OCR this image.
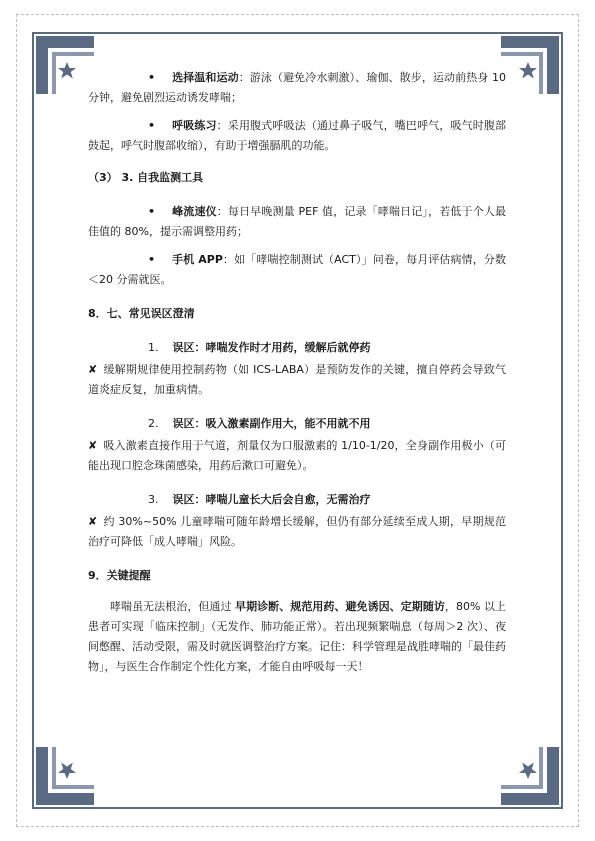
• 选择温和运动：游泳（避免冷水刺激）、瑜伽、散步，运动前热身 10 分钟，避免剧烈运动诱发哮喘；

• 呼吸练习：采用腹式呼吸法（通过鼻子吸气，嘴巴呼气，吸气时腹部鼓起，呼气时腹部收缩），有助于增强膈肌的功能。

（3） 3. 自我监测工具

• 峰流速仪：每日早晚测量 PEF 值，记录「哮喘日记」，若低于个人最佳值的 80%，提示需调整用药；

• 手机 APP：如「哮喘控制测试（ACT）」问卷，每月评估病情，分数＜20 分需就医。

8．七、常见误区澄清
1. 误区：哮喘发作时才用药，缓解后就停药

✘ 缓解期规律使用控制药物（如 ICS-LABA）是预防发作的关键，擅自停药会导致气道炎症反复，加重病情。

2. 误区：吸入激素副作用大，能不用就不用

✘ 吸入激素直接作用于气道，剂量仅为口服激素的 1/10-1/20，全身副作用极小（可能出现口腔念珠菌感染，用药后漱口可避免）。

3. 误区：哮喘儿童长大后会自愈，无需治疗

✘ 约 30%~50% 儿童哮喘可随年龄增长缓解，但仍有部分延续至成人期，早期规范治疗可降低「成人哮喘」风险。

9．关键提醒

哮喘虽无法根治，但通过 早期诊断、规范用药、避免诱因、定期随访，80% 以上患者可实现「临床控制」（无发作、肺功能正常）。若出现频繁喘息（每周＞2 次）、夜间憋醒、活动受限，需及时就医调整治疗方案。记住：科学管理是战胜哮喘的「最佳药物」，与医生合作制定个性化方案，才能自由呼吸每一天！
